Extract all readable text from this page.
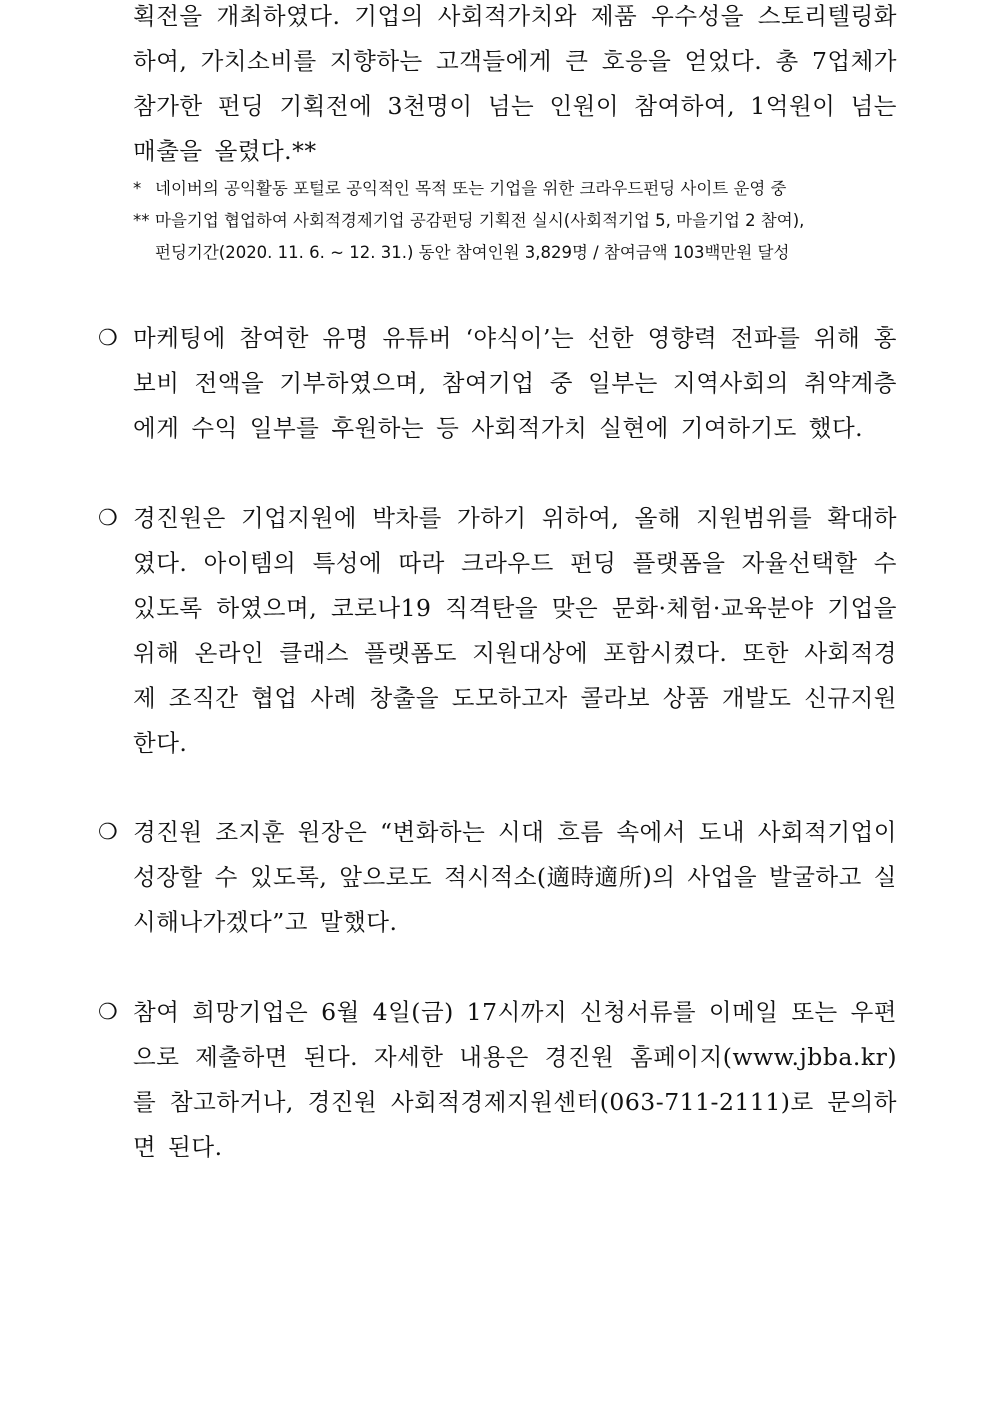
획전을 개최하였다. 기업의 사회적가치와 제품 우수성을 스토리텔링화하여, 가치소비를 지향하는 고객들에게 큰 호응을 얻었다. 총 7업체가 참가한 펀딩 기획전에 3천명이 넘는 인원이 참여하여, 1억원이 넘는 매출을 올렸다.**

* 네이버의 공익활동 포털로 공익적인 목적 또는 기업을 위한 크라우드펀딩 사이트 운영 중
** 마을기업 협업하여 사회적경제기업 공감펀딩 기획전 실시(사회적기업 5, 마을기업 2 참여),
펀딩기간(2020. 11. 6. ~ 12. 31.) 동안 참여인원 3,829명 / 참여금액 103백만원 달성
❍ 마케팅에 참여한 유명 유튜버 ‘야식이’는 선한 영향력 전파를 위해 홍보비 전액을 기부하였으며, 참여기업 중 일부는 지역사회의 취약계층에게 수익 일부를 후원하는 등 사회적가치 실현에 기여하기도 했다.

❍ 경진원은 기업지원에 박차를 가하기 위하여, 올해 지원범위를 확대하였다. 아이템의 특성에 따라 크라우드 펀딩 플랫폼을 자율선택할 수 있도록 하였으며, 코로나19 직격탄을 맞은 문화·체험·교육분야 기업을 위해 온라인 클래스 플랫폼도 지원대상에 포함시켰다. 또한 사회적경제 조직간 협업 사례 창출을 도모하고자 콜라보 상품 개발도 신규지원한다.

❍ 경진원 조지훈 원장은 “변화하는 시대 흐름 속에서 도내 사회적기업이 성장할 수 있도록, 앞으로도 적시적소(適時適所)의 사업을 발굴하고 실시해나가겠다”고 말했다.

❍ 참여 희망기업은 6월 4일(금) 17시까지 신청서류를 이메일 또는 우편으로 제출하면 된다. 자세한 내용은 경진원 홈페이지(www.jbba.kr)를 참고하거나, 경진원 사회적경제지원센터(063-711-2111)로 문의하면 된다.
